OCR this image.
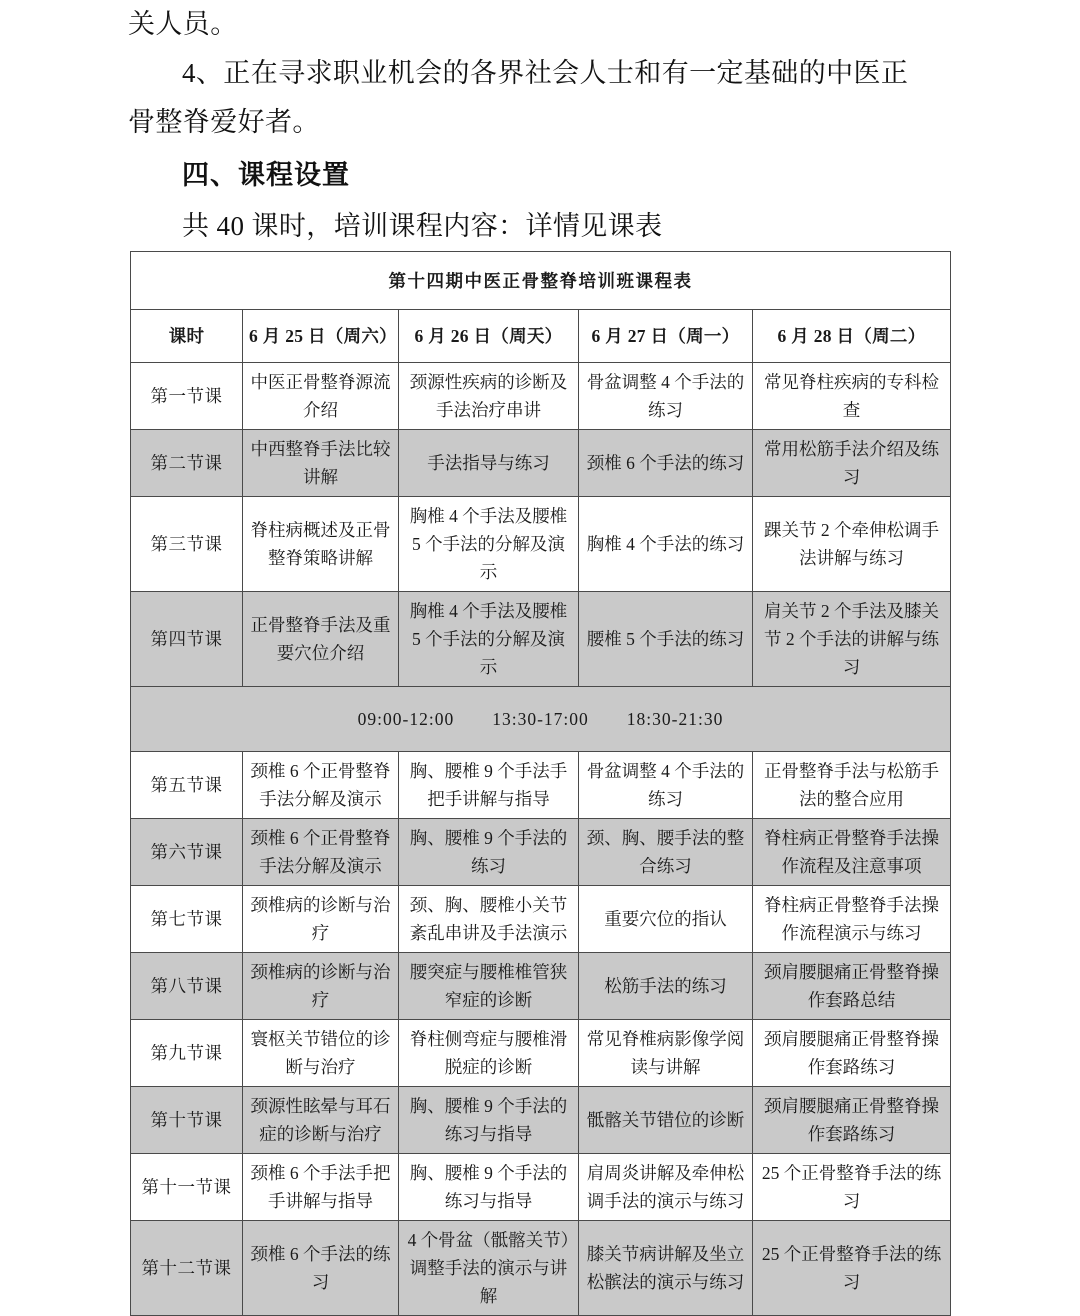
关人员。

4、正在寻求职业机会的各界社会人士和有一定基础的中医正

骨整脊爱好者。

四、课程设置

共 40 课时，培训课程内容：详情见课表

第十四期中医正骨整脊培训班课程表				
课时	6 月 25 日（周六）	6 月 26 日（周天）	6 月 27 日（周一）	6 月 28 日（周二）
第一节课	中医正骨整脊源流介绍	颈源性疾病的诊断及手法治疗串讲	骨盆调整 4 个手法的练习	常见脊柱疾病的专科检查
第二节课	中西整脊手法比较讲解	手法指导与练习	颈椎 6 个手法的练习	常用松筋手法介绍及练习
第三节课	脊柱病概述及正骨整脊策略讲解	胸椎 4 个手法及腰椎 5 个手法的分解及演示	胸椎 4 个手法的练习	踝关节 2 个牵伸松调手法讲解与练习
第四节课	正骨整脊手法及重要穴位介绍	胸椎 4 个手法及腰椎 5 个手法的分解及演示	腰椎 5 个手法的练习	肩关节 2 个手法及膝关节 2 个手法的讲解与练习
09:00-12:00 13:30-17:00 18:30-21:30				
第五节课	颈椎 6 个正骨整脊手法分解及演示	胸、腰椎 9 个手法手把手讲解与指导	骨盆调整 4 个手法的练习	正骨整脊手法与松筋手法的整合应用
第六节课	颈椎 6 个正骨整脊手法分解及演示	胸、腰椎 9 个手法的练习	颈、胸、腰手法的整合练习	脊柱病正骨整脊手法操作流程及注意事项
第七节课	颈椎病的诊断与治疗	颈、胸、腰椎小关节紊乱串讲及手法演示	重要穴位的指认	脊柱病正骨整脊手法操作流程演示与练习
第八节课	颈椎病的诊断与治疗	腰突症与腰椎椎管狭窄症的诊断	松筋手法的练习	颈肩腰腿痛正骨整脊操作套路总结
第九节课	寰枢关节错位的诊断与治疗	脊柱侧弯症与腰椎滑脱症的诊断	常见脊椎病影像学阅读与讲解	颈肩腰腿痛正骨整脊操作套路练习
第十节课	颈源性眩晕与耳石症的诊断与治疗	胸、腰椎 9 个手法的练习与指导	骶髂关节错位的诊断	颈肩腰腿痛正骨整脊操作套路练习
第十一节课	颈椎 6 个手法手把手讲解与指导	胸、腰椎 9 个手法的练习与指导	肩周炎讲解及牵伸松调手法的演示与练习	25 个正骨整脊手法的练习
第十二节课	颈椎 6 个手法的练习	4 个骨盆（骶髂关节）调整手法的演示与讲解	膝关节病讲解及坐立松髌法的演示与练习	25 个正骨整脊手法的练习
